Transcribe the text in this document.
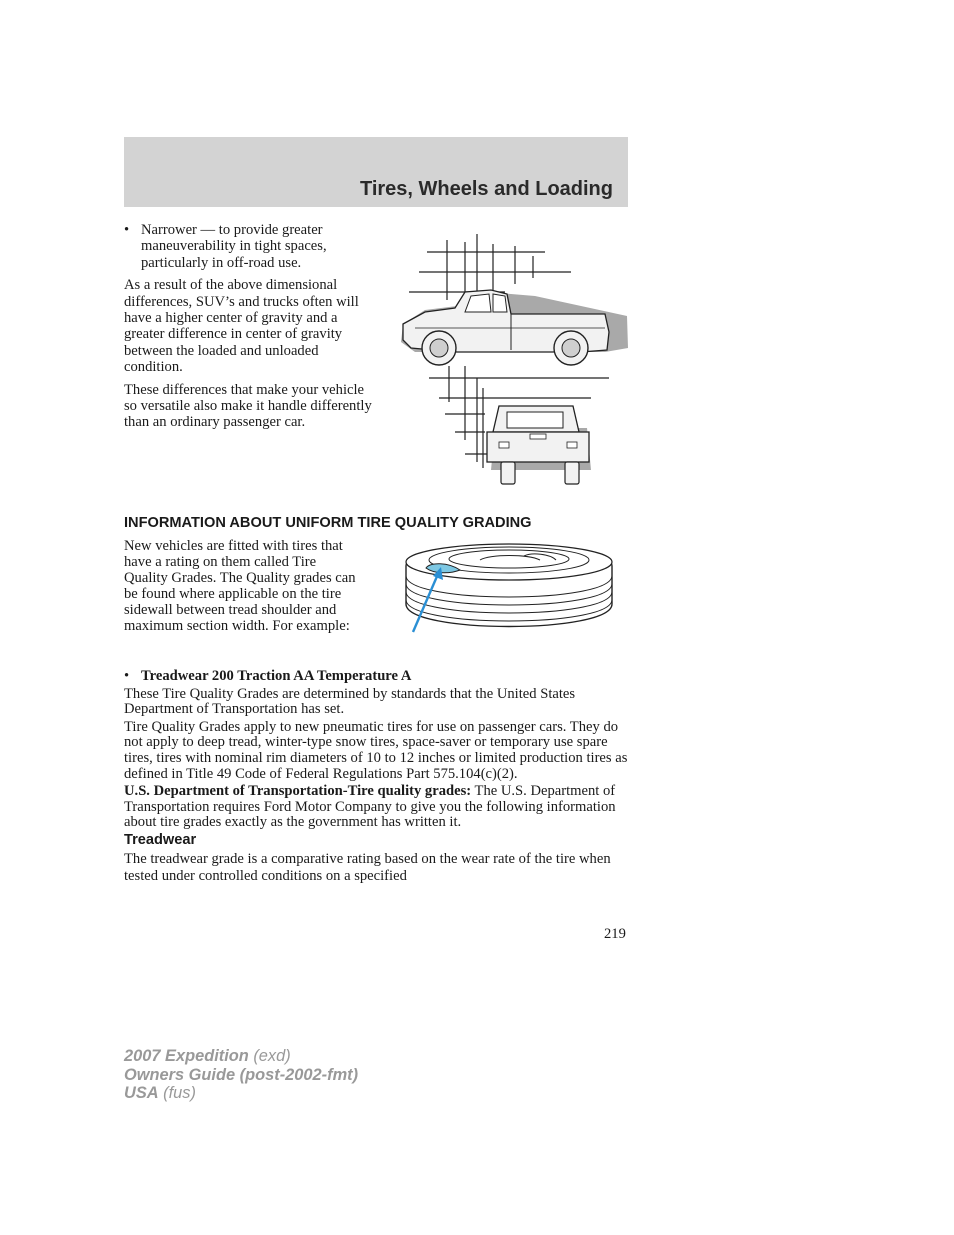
Tires, Wheels and Loading
• Narrower — to provide greater maneuverability in tight spaces, particularly in off-road use.

As a result of the above dimensional differences, SUV’s and trucks often will have a higher center of gravity and a greater difference in center of gravity between the loaded and unloaded condition.

These differences that make your vehicle so versatile also make it handle differently than an ordinary passenger car.

INFORMATION ABOUT UNIFORM TIRE QUALITY GRADING

New vehicles are fitted with tires that have a rating on them called Tire Quality Grades. The Quality grades can be found where applicable on the tire sidewall between tread shoulder and maximum section width. For example:

• Treadwear 200 Traction AA Temperature A

These Tire Quality Grades are determined by standards that the United States Department of Transportation has set.

Tire Quality Grades apply to new pneumatic tires for use on passenger cars. They do not apply to deep tread, winter-type snow tires, space-saver or temporary use spare tires, tires with nominal rim diameters of 10 to 12 inches or limited production tires as defined in Title 49 Code of Federal Regulations Part 575.104(c)(2).

U.S. Department of Transportation-Tire quality grades: The U.S. Department of Transportation requires Ford Motor Company to give you the following information about tire grades exactly as the government has written it.

Treadwear

The treadwear grade is a comparative rating based on the wear rate of the tire when tested under controlled conditions on a specified

219
2007 Expedition (exd)
Owners Guide (post-2002-fmt)
USA (fus)
